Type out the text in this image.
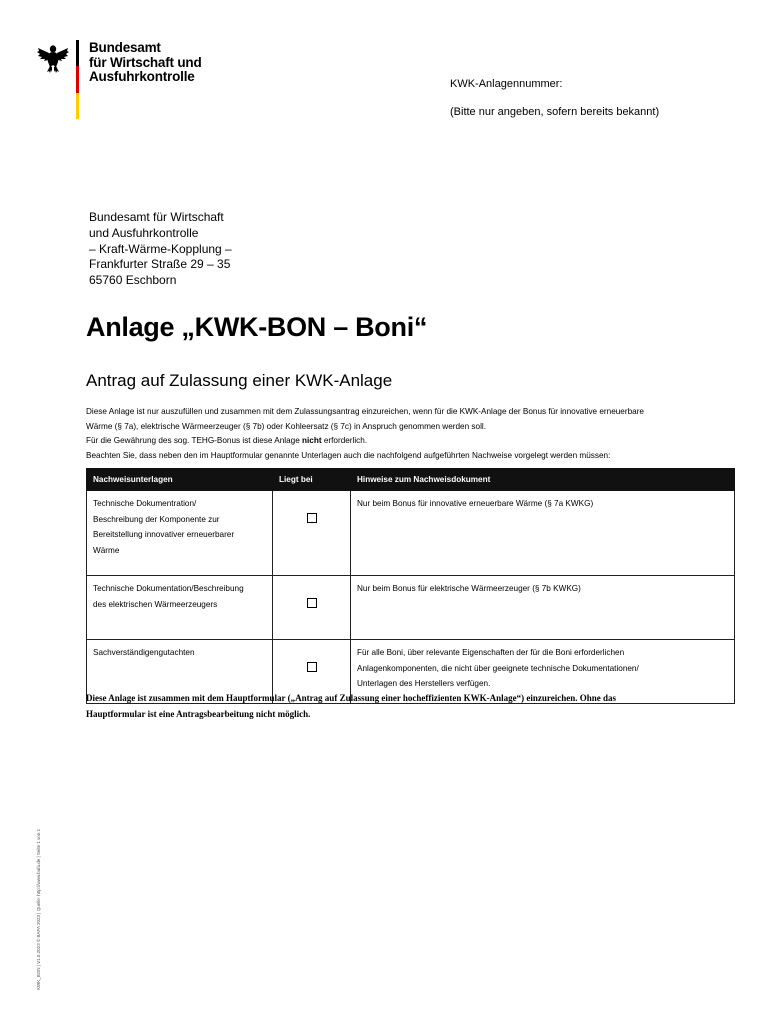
Bundesamt
für Wirtschaft und
Ausfuhrkontrolle	KWK-Anlagennummer:
(Bitte nur angeben, sofern bereits bekannt)
Bundesamt für Wirtschaft
und Ausfuhrkontrolle
– Kraft-Wärme-Kopplung –
Frankfurter Straße 29 – 35
65760 Eschborn
Anlage „KWK-BON – Boni“
Antrag auf Zulassung einer KWK-Anlage
Diese Anlage ist nur auszufüllen und zusammen mit dem Zulassungsantrag einzureichen, wenn für die KWK-Anlage der Bonus für innovative erneuerbare
Wärme (§ 7a), elektrische Wärmeerzeuger (§ 7b) oder Kohleersatz (§ 7c) in Anspruch genommen werden soll.
Für die Gewährung des sog. TEHG-Bonus ist diese Anlage nicht erforderlich.
Beachten Sie, dass neben den im Hauptformular genannte Unterlagen auch die nachfolgend aufgeführten Nachweise vorgelegt werden müssen:
Nachweisunterlagen	Liegt bei	Hinweise zum Nachweisdokument

Technische Dokumentration/
Beschreibung der Komponente zur
Bereitstellung innovativer erneuerbarer
Wärme		Nur beim Bonus für innovative erneuerbare Wärme (§ 7a KWKG)

Technische Dokumentation/Beschreibung
des elektrischen Wärmeerzeugers		Nur beim Bonus für elektrische Wärmeerzeuger (§ 7b KWKG)

Sachverständigengutachten		Für alle Boni, über relevante Eigenschaften der für die Boni erforderlichen
Anlagenkomponenten, die nicht über geeignete technische Dokumentationen/
Unterlagen des Herstellers verfügen.
Diese Anlage ist zusammen mit dem Hauptformular („Antrag auf Zulassung einer hocheffizienten KWK-Anlage“) einzureichen. Ohne das
Hauptformular ist eine Antragsbearbeitung nicht möglich.
KWK_BON | V1.0.2023 © BAFA 2023 | Quelle: http://www.bafa.de | Seite 1 von 1
